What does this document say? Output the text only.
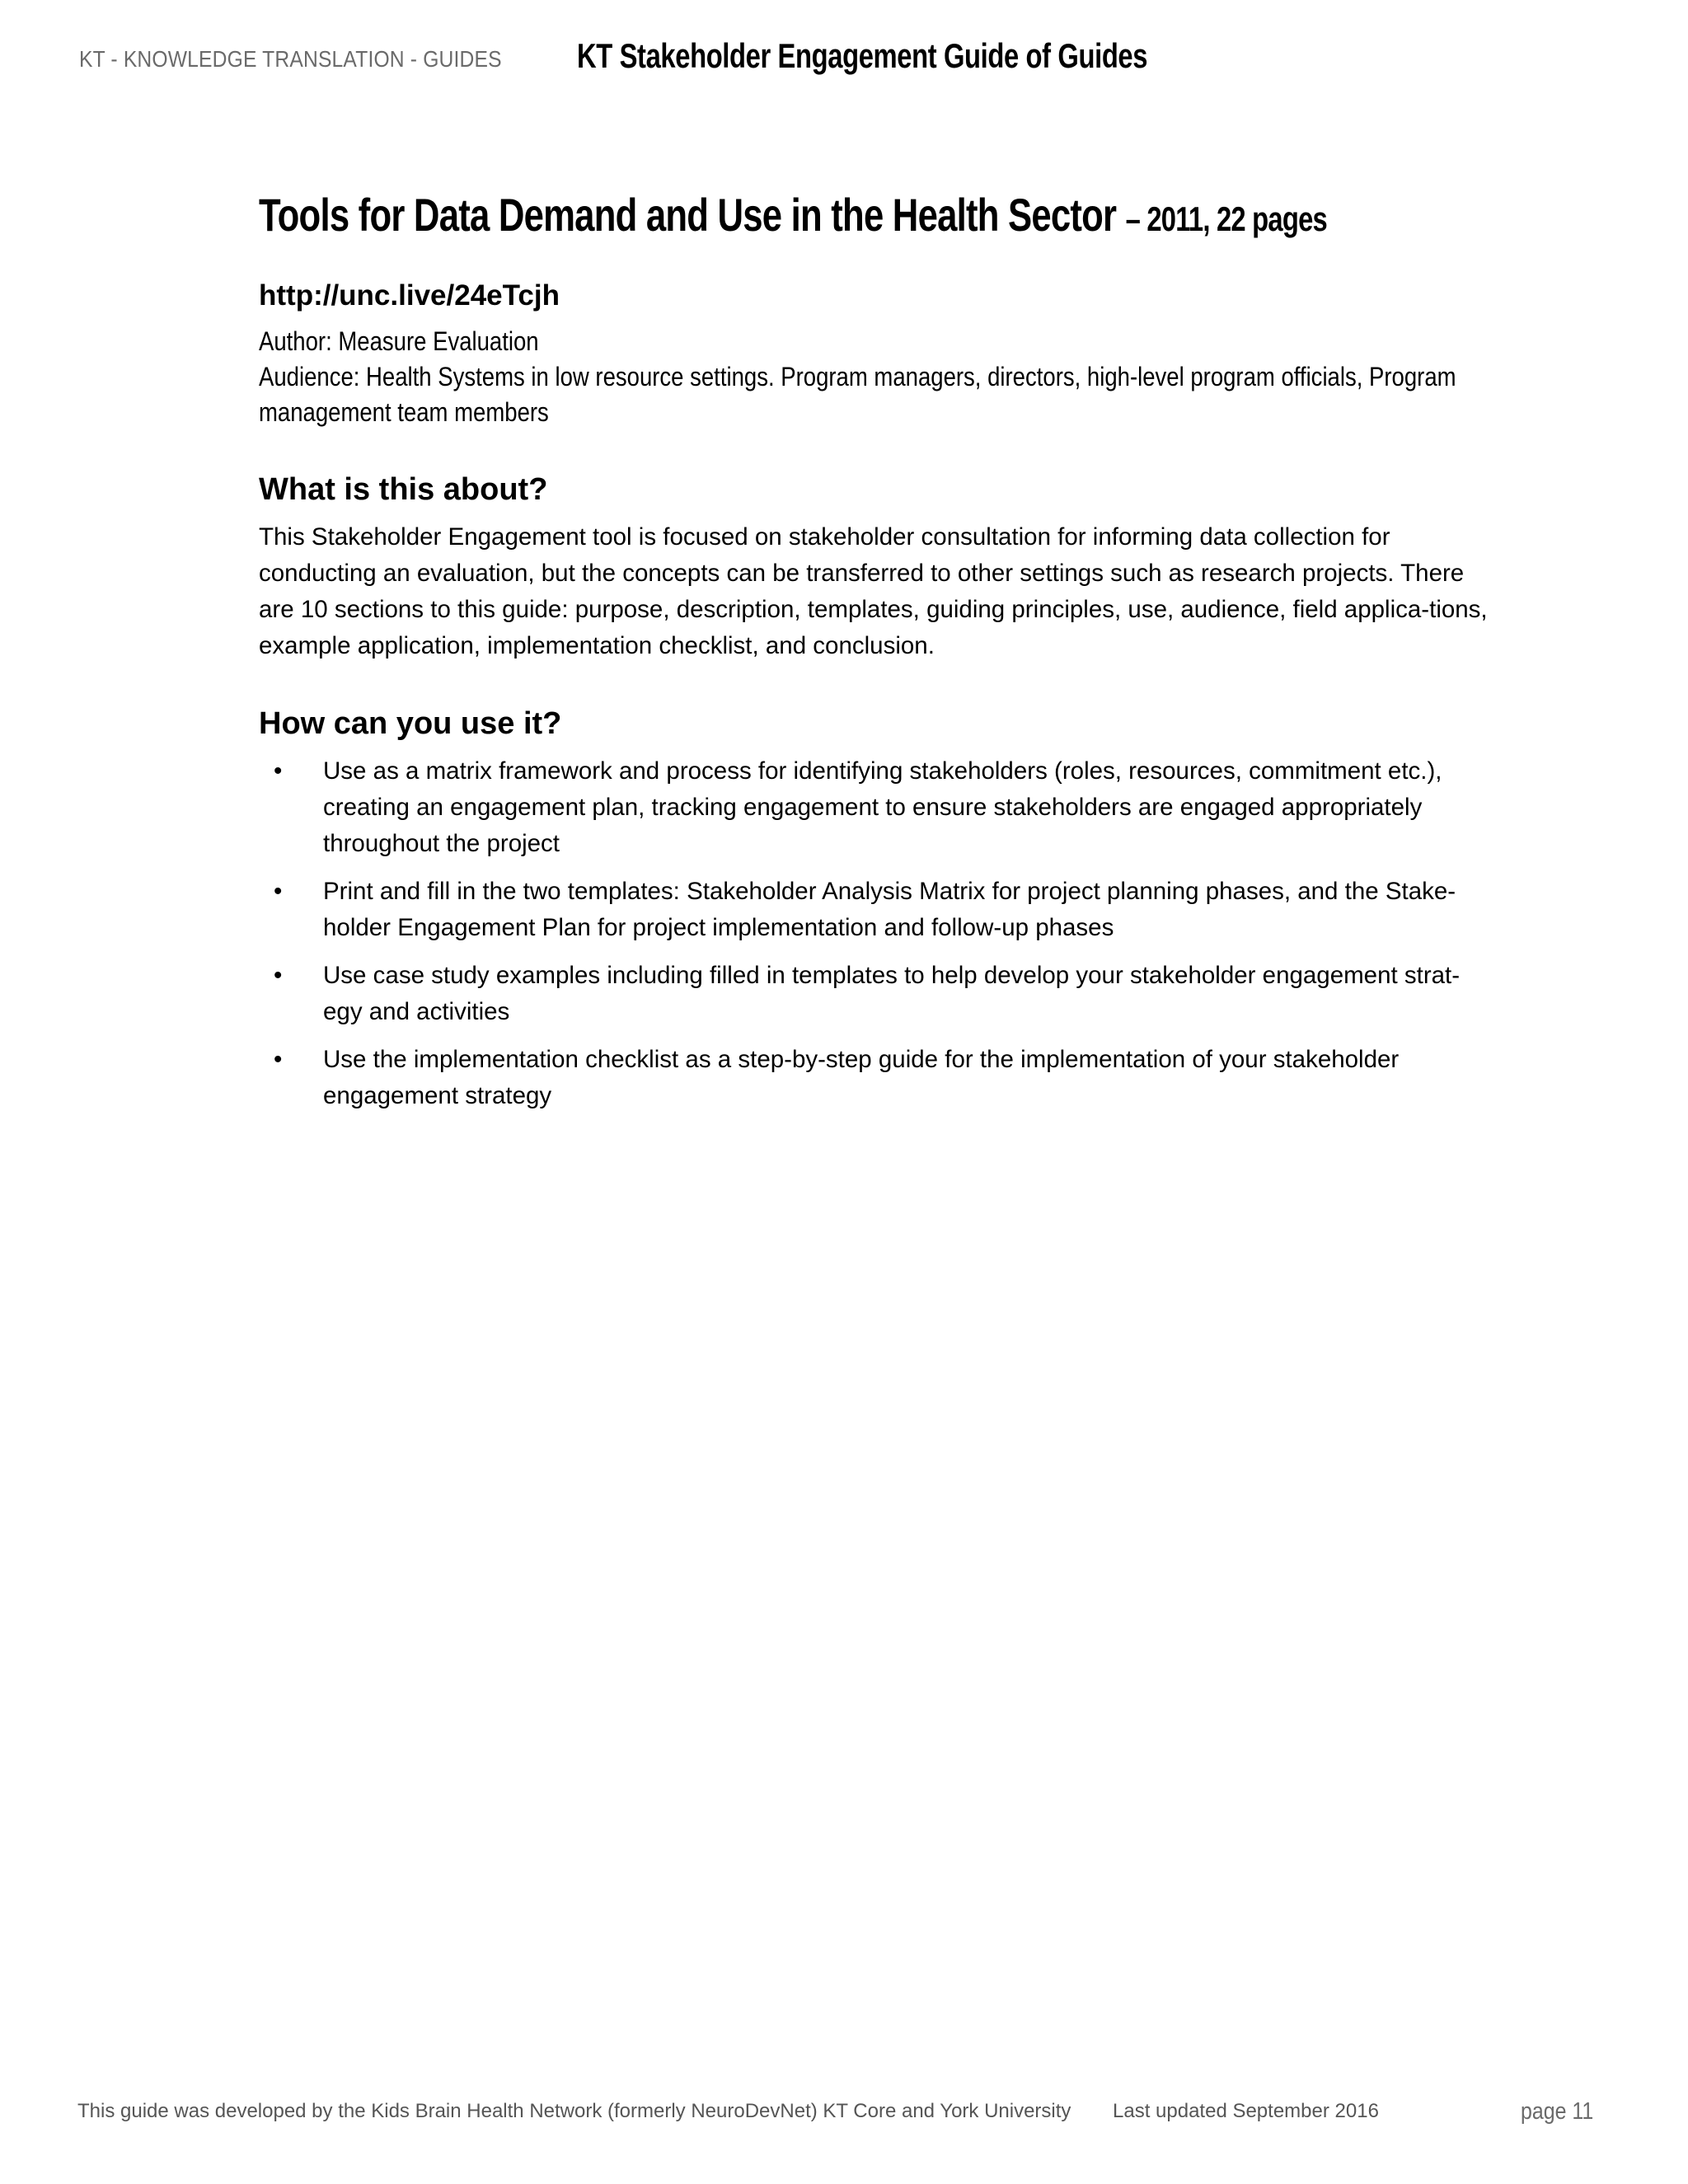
KT - KNOWLEDGE TRANSLATION - GUIDES KT Stakeholder Engagement Guide of Guides
Tools for Data Demand and Use in the Health Sector – 2011, 22 pages
http://unc.live/24eTcjh
Author: Measure Evaluation
Audience: Health Systems in low resource settings. Program managers, directors, high-level program officials, Program
management team members
What is this about?
This Stakeholder Engagement tool is focused on stakeholder consultation for informing data collection for conducting an evaluation, but the concepts can be transferred to other settings such as research projects. There are 10 sections to this guide: purpose, description, templates, guiding principles, use, audience, field applica-tions, example application, implementation checklist, and conclusion.
How can you use it?
• Use as a matrix framework and process for identifying stakeholders (roles, resources, commitment etc.), creating an engagement plan, tracking engagement to ensure stakeholders are engaged appropriately throughout the project
• Print and fill in the two templates: Stakeholder Analysis Matrix for project planning phases, and the Stake-holder Engagement Plan for project implementation and follow-up phases
• Use case study examples including filled in templates to help develop your stakeholder engagement strat-egy and activities
• Use the implementation checklist as a step-by-step guide for the implementation of your stakeholder engagement strategy
This guide was developed by the Kids Brain Health Network (formerly NeuroDevNet) KT Core and York University Last updated September 2016	page 11
